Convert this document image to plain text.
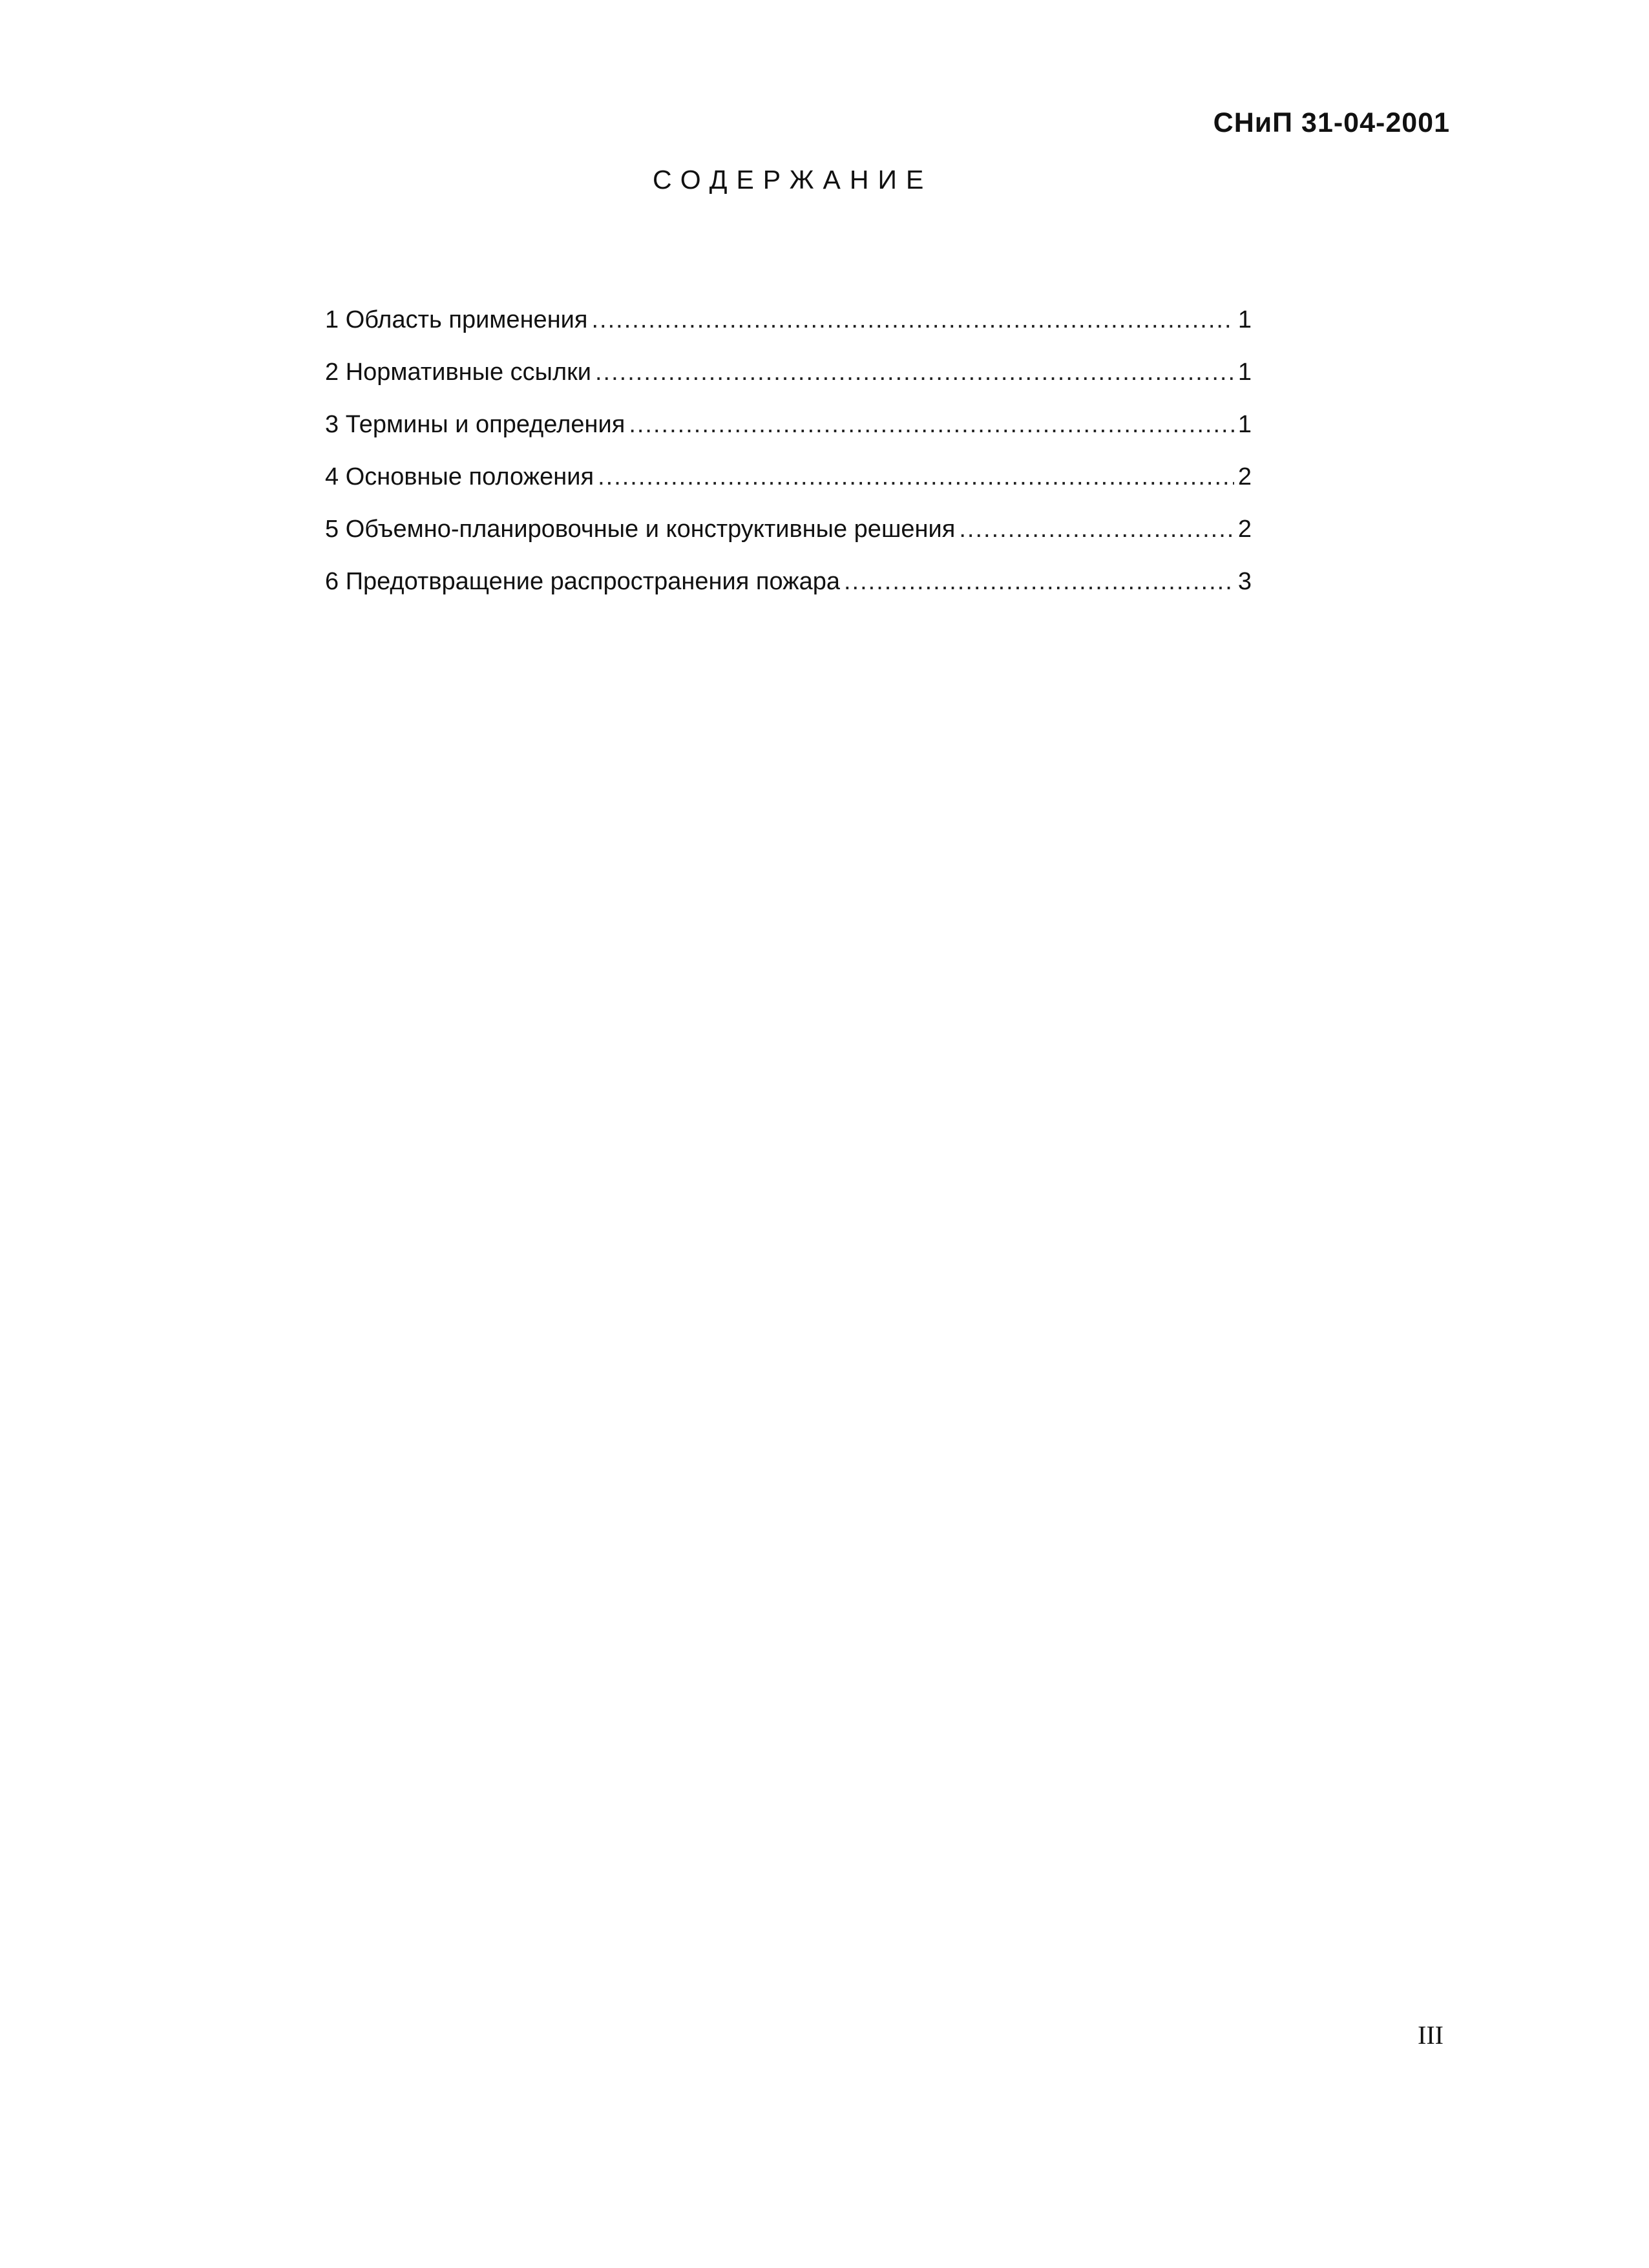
СНиП 31-04-2001
СОДЕРЖАНИЕ
1 Область применения .....	1
2 Нормативные ссылки .....	1
3 Термины и определения .....	1
4 Основные положения .....	2
5 Объемно-планировочные и конструктивные решения .....	2
6 Предотвращение распространения пожара .....	3
III
